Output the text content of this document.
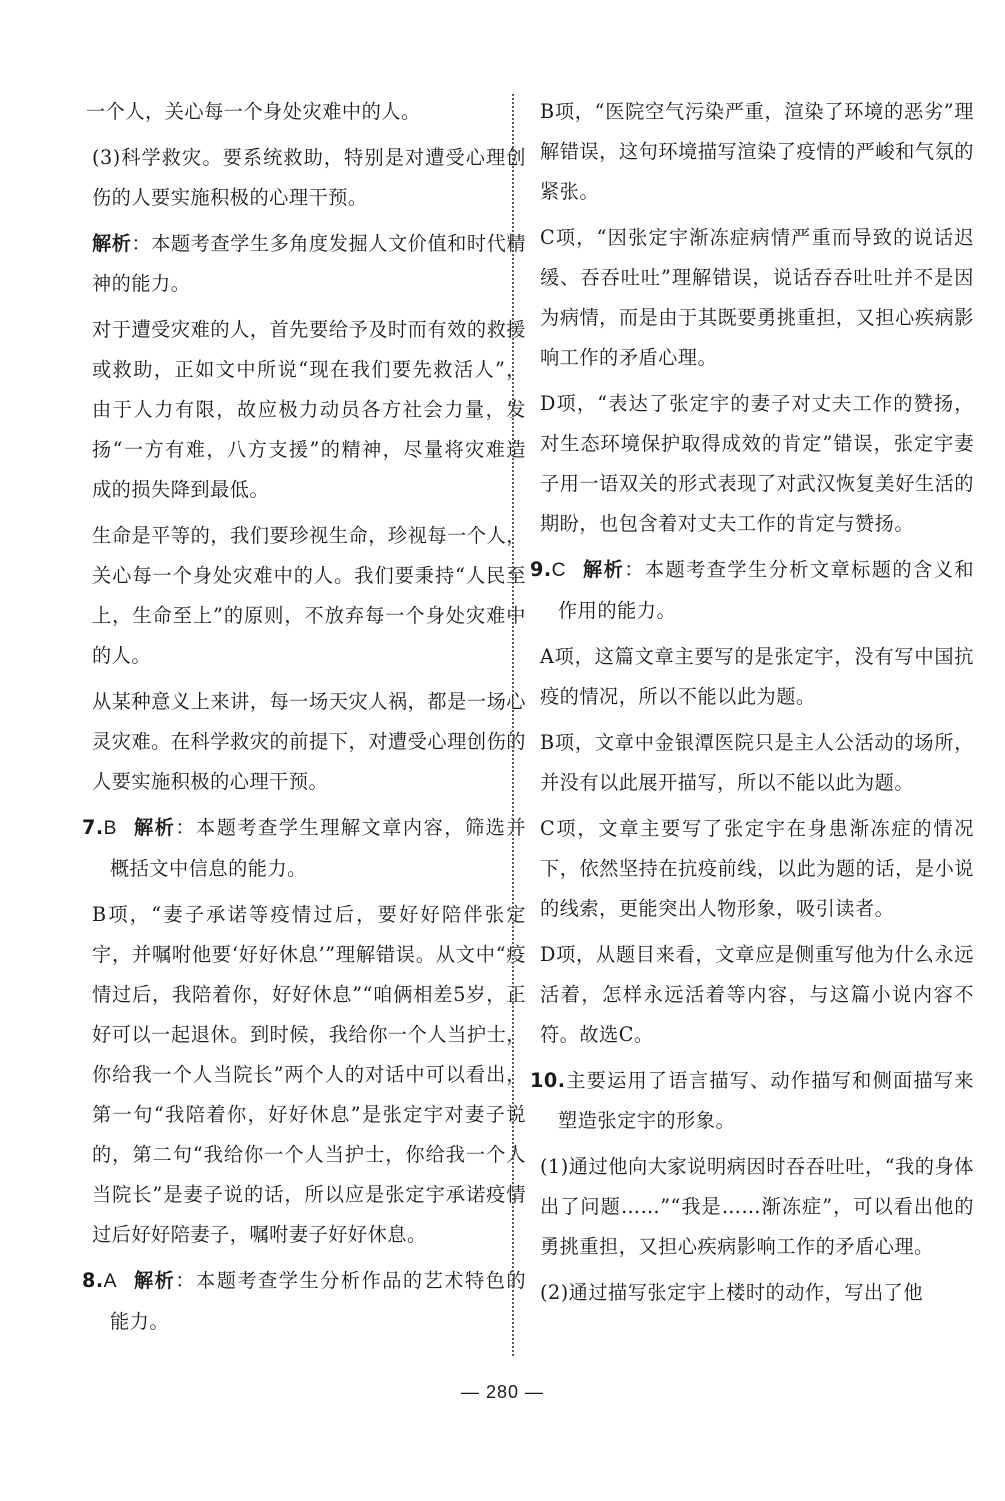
一个人，关心每一个身处灾难中的人。

(3)科学救灾。要系统救助，特别是对遭受心理创伤的人要实施积极的心理干预。

解析：本题考查学生多角度发掘人文价值和时代精神的能力。

对于遭受灾难的人，首先要给予及时而有效的救援或救助，正如文中所说“现在我们要先救活人”，由于人力有限，故应极力动员各方社会力量，发扬“一方有难，八方支援”的精神，尽量将灾难造成的损失降到最低。

生命是平等的，我们要珍视生命，珍视每一个人，关心每一个身处灾难中的人。我们要秉持“人民至上，生命至上”的原则，不放弃每一个身处灾难中的人。

从某种意义上来讲，每一场天灾人祸，都是一场心灵灾难。在科学救灾的前提下，对遭受心理创伤的人要实施积极的心理干预。

7.B 解析：本题考查学生理解文章内容，筛选并概括文中信息的能力。

B项，“妻子承诺等疫情过后，要好好陪伴张定宇，并嘱咐他要‘好好休息’”理解错误。从文中“疫情过后，我陪着你，好好休息”“咱俩相差5岁，正好可以一起退休。到时候，我给你一个人当护士，你给我一个人当院长”两个人的对话中可以看出，第一句“我陪着你，好好休息”是张定宇对妻子说的，第二句“我给你一个人当护士，你给我一个人当院长”是妻子说的话，所以应是张定宇承诺疫情过后好好陪妻子，嘱咐妻子好好休息。

8.A 解析：本题考查学生分析作品的艺术特色的能力。

B项，“医院空气污染严重，渲染了环境的恶劣”理解错误，这句环境描写渲染了疫情的严峻和气氛的紧张。

C项，“因张定宇渐冻症病情严重而导致的说话迟缓、吞吞吐吐”理解错误，说话吞吞吐吐并不是因为病情，而是由于其既要勇挑重担，又担心疾病影响工作的矛盾心理。

D项，“表达了张定宇的妻子对丈夫工作的赞扬，对生态环境保护取得成效的肯定”错误，张定宇妻子用一语双关的形式表现了对武汉恢复美好生活的期盼，也包含着对丈夫工作的肯定与赞扬。

9.C 解析：本题考查学生分析文章标题的含义和作用的能力。

A项，这篇文章主要写的是张定宇，没有写中国抗疫的情况，所以不能以此为题。

B项，文章中金银潭医院只是主人公活动的场所，并没有以此展开描写，所以不能以此为题。

C项，文章主要写了张定宇在身患渐冻症的情况下，依然坚持在抗疫前线，以此为题的话，是小说的线索，更能突出人物形象，吸引读者。

D项，从题目来看，文章应是侧重写他为什么永远活着，怎样永远活着等内容，与这篇小说内容不符。故选C。

10.主要运用了语言描写、动作描写和侧面描写来塑造张定宇的形象。

(1)通过他向大家说明病因时吞吞吐吐，“我的身体出了问题……”“我是……渐冻症”，可以看出他的勇挑重担，又担心疾病影响工作的矛盾心理。

(2)通过描写张定宇上楼时的动作，写出了他

— 280 —
